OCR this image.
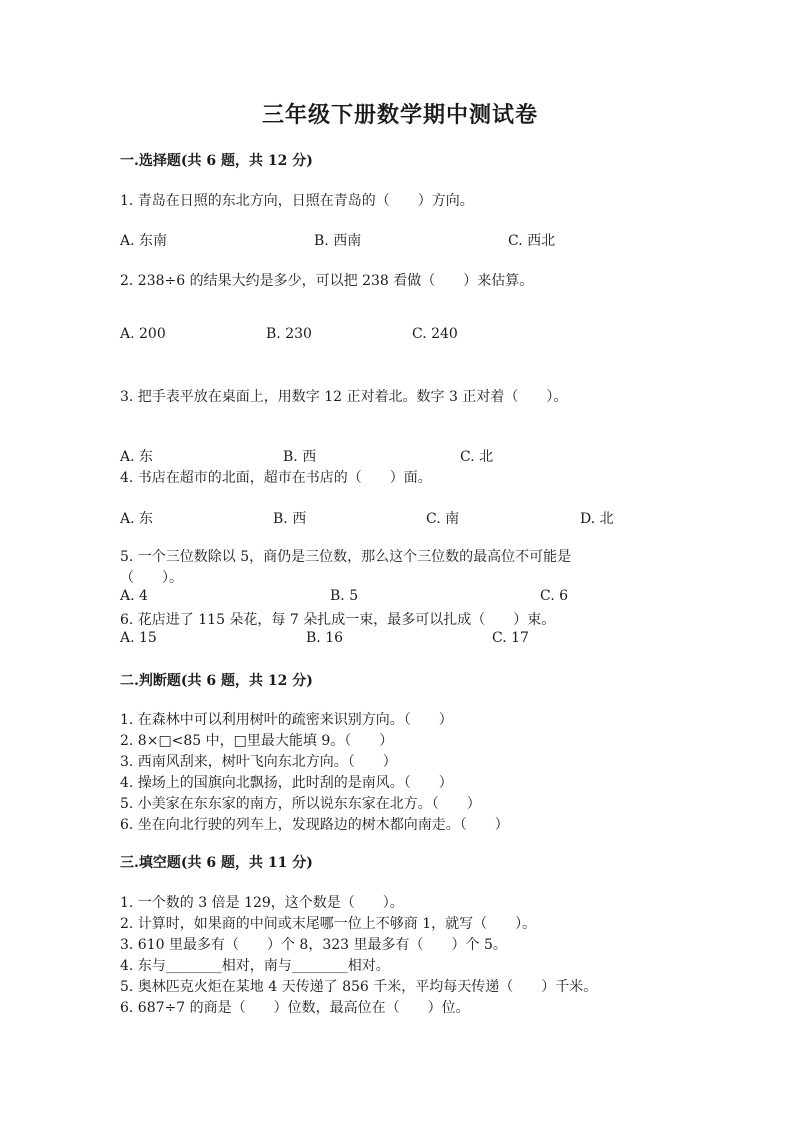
三年级下册数学期中测试卷
一.选择题(共 6 题，共 12 分)
1. 青岛在日照的东北方向，日照在青岛的（　　）方向。
A. 东南	B. 西南	C. 西北
2. 238÷6 的结果大约是多少，可以把 238 看做（　　）来估算。
A. 200	B. 230	C. 240
3. 把手表平放在桌面上，用数字 12 正对着北。数字 3 正对着（　　）。
A. 东	B. 西	C. 北
4. 书店在超市的北面，超市在书店的（　　）面。
A. 东	B. 西	C. 南	D. 北
5. 一个三位数除以 5，商仍是三位数，那么这个三位数的最高位不可能是
（　　）。
A. 4	B. 5	C. 6
6. 花店进了 115 朵花，每 7 朵扎成一束，最多可以扎成（　　）束。
A. 15	B. 16	C. 17
二.判断题(共 6 题，共 12 分)
1. 在森林中可以利用树叶的疏密来识别方向。（　　）
2. 8×□<85 中，□里最大能填 9。（　　）
3. 西南风刮来，树叶飞向东北方向。（　　）
4. 操场上的国旗向北飘扬，此时刮的是南风。（　　）
5. 小美家在东东家的南方，所以说东东家在北方。（　　）
6. 坐在向北行驶的列车上，发现路边的树木都向南走。（　　）
三.填空题(共 6 题，共 11 分)
1. 一个数的 3 倍是 129，这个数是（　　）。
2. 计算时，如果商的中间或末尾哪一位上不够商 1，就写（　　）。
3. 610 里最多有（　　）个 8，323 里最多有（　　）个 5。
4. 东与________相对，南与________相对。
5. 奥林匹克火炬在某地 4 天传递了 856 千米，平均每天传递（　　）千米。
6. 687÷7 的商是（　　）位数，最高位在（　　）位。
